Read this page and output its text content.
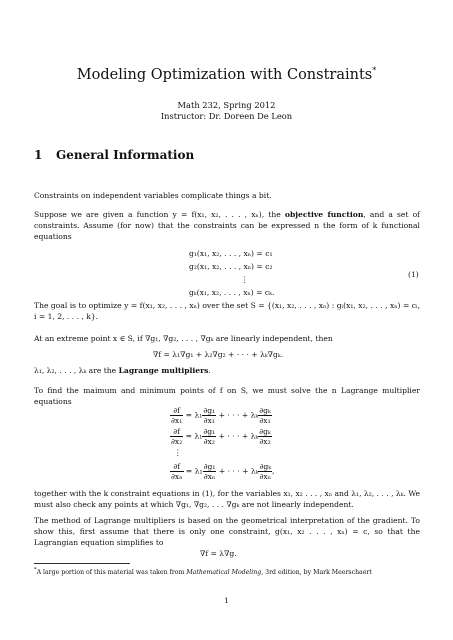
Modeling Optimization with Constraints*
Math 232, Spring 2012
Instructor: Dr. Doreen De Leon
1 General Information
Constraints on independent variables complicate things a bit.
Suppose we are given a function y = f(x₁, x₂, . . . , xₙ), the objective function, and a set of constraints. Assume (for now) that the constraints can be expressed n the form of k functional equations
g₁(x₁, x₂, . . . , xₙ) = c₁
g₂(x₁, x₂, . . . , xₙ) = c₂
⋮
gₖ(x₁, x₂, . . . , xₙ) = cₖ.
(1)
The goal is to optimize y = f(x₁, x₂, . . . , xₙ) over the set S = {(x₁, x₂, . . . , xₙ) : gᵢ(x₁, x₂, . . . , xₙ) = cᵢ, i = 1, 2, . . . , k}.
At an extreme point x ∈ S, if ∇g₁, ∇g₂, . . . , ∇gₖ are linearly independent, then
∇f = λ₁∇g₁ + λ₂∇g₂ + · · · + λₖ∇gₖ.
λ₁, λ₂, . . . , λₖ are the Lagrange multipliers.
To find the maimum and minimum points of f on S, we must solve the n Lagrange multiplier equations
$\frac{\partial f}{\text{∂x₁}} = \lambda_1 \frac{\text{∂g₁}}{\text{∂x₁}}$ + · · · + λₖ $\frac{\text{∂gₖ}}{\text{∂x₁}}$
$\frac{\partial f}{\text{∂x₂}} = \lambda_1 \frac{\text{∂g₁}}{\text{∂x₂}}$ + · · · + λₖ $\frac{\text{∂gₖ}}{\text{∂x₂}}$
⋮
$\frac{\partial f}{\text{∂xₙ}} = \lambda_1 \frac{\text{∂g₁}}{\text{∂xₙ}}$ + · · · + λₖ $\frac{\text{∂gₖ}}{\text{∂xₙ}}$ ,
together with the k constraint equations in (1), for the variables x₁, x₂ . . . , xₙ and λ₁, λ₂, . . . , λₖ. We must also check any points at which ∇g₁, ∇g₂, . . . ∇gₖ are not linearly independent.
The method of Lagrange multipliers is based on the geometrical interpretation of the gradient. To show this, first assume that there is only one constraint, g(x₁, x₂ . . . , xₙ) = c, so that the Lagrangian equation simplifies to
∇f = λ∇g.
*A large portion of this material was taken from Mathematical Modeling, 3rd edition, by Mark Meerschaert
1
